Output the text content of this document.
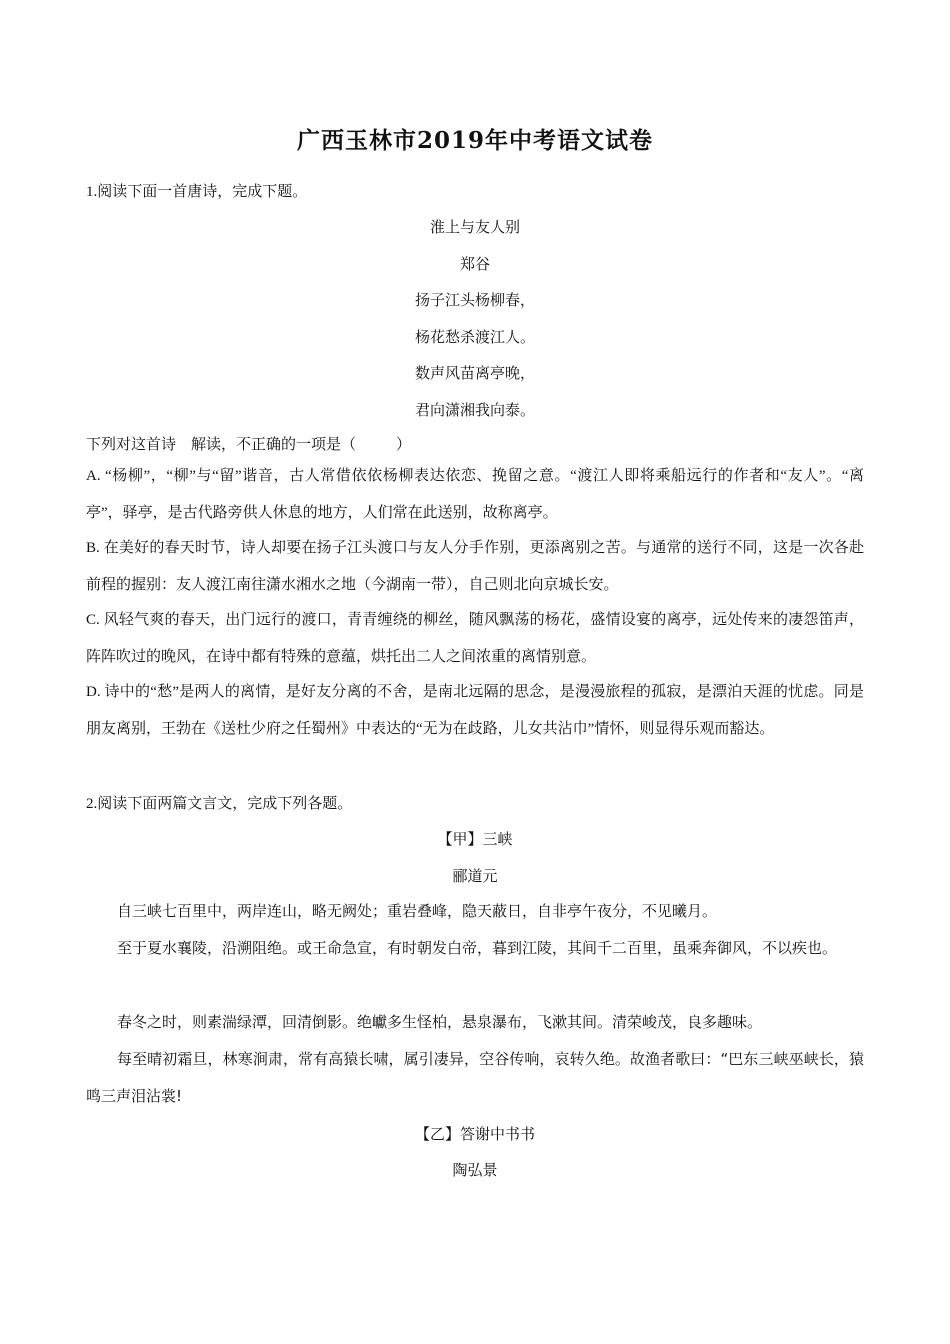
广西玉林市2019年中考语文试卷
1.阅读下面一首唐诗，完成下题。
淮上与友人别
郑谷
扬子江头杨柳春，
杨花愁杀渡江人。
数声风苗离亭晚，
君向潇湘我向泰。
下列对这首诗　解读，不正确的一项是（	）
A. “杨柳”，“柳”与“留”谐音，古人常借依依杨柳表达依恋、挽留之意。“渡江人即将乘船远行的作者和“友人”。“离亭”，驿亭，是古代路旁供人休息的地方，人们常在此送别，故称离亭。
B. 在美好的春天时节，诗人却要在扬子江头渡口与友人分手作别，更添离别之苦。与通常的送行不同，这是一次各赴前程的握别：友人渡江南往潇水湘水之地（今湖南一带），自己则北向京城长安。
C. 风轻气爽的春天，出门远行的渡口，青青缠绕的柳丝，随风飘荡的杨花，盛情设宴的离亭，远处传来的凄怨笛声，阵阵吹过的晚风，在诗中都有特殊的意蕴，烘托出二人之间浓重的离情别意。
D. 诗中的“愁”是两人的离情，是好友分离的不舍，是南北远隔的思念，是漫漫旅程的孤寂，是漂泊天涯的忧虑。同是朋友离别，王勃在《送杜少府之任蜀州》中表达的“无为在歧路，儿女共沾巾”情怀，则显得乐观而豁达。
2.阅读下面两篇文言文，完成下列各题。
【甲】三峡
郦道元
自三峡七百里中，两岸连山，略无阙处；重岩叠峰，隐天蔽日，自非亭午夜分，不见曦月。
至于夏水襄陵，沿溯阻绝。或王命急宣，有时朝发白帝，暮到江陵，其间千二百里，虽乘奔御风，不以疾也。
春冬之时，则素湍绿潭，回清倒影。绝巘多生怪柏，悬泉瀑布，飞漱其间。清荣峻茂，良多趣味。
每至晴初霜旦，林寒涧肃，常有高猿长啸，属引凄异，空谷传响，哀转久绝。故渔者歌曰：“巴东三峡巫峡长，猿鸣三声泪沾裳!
【乙】答谢中书书
陶弘景
